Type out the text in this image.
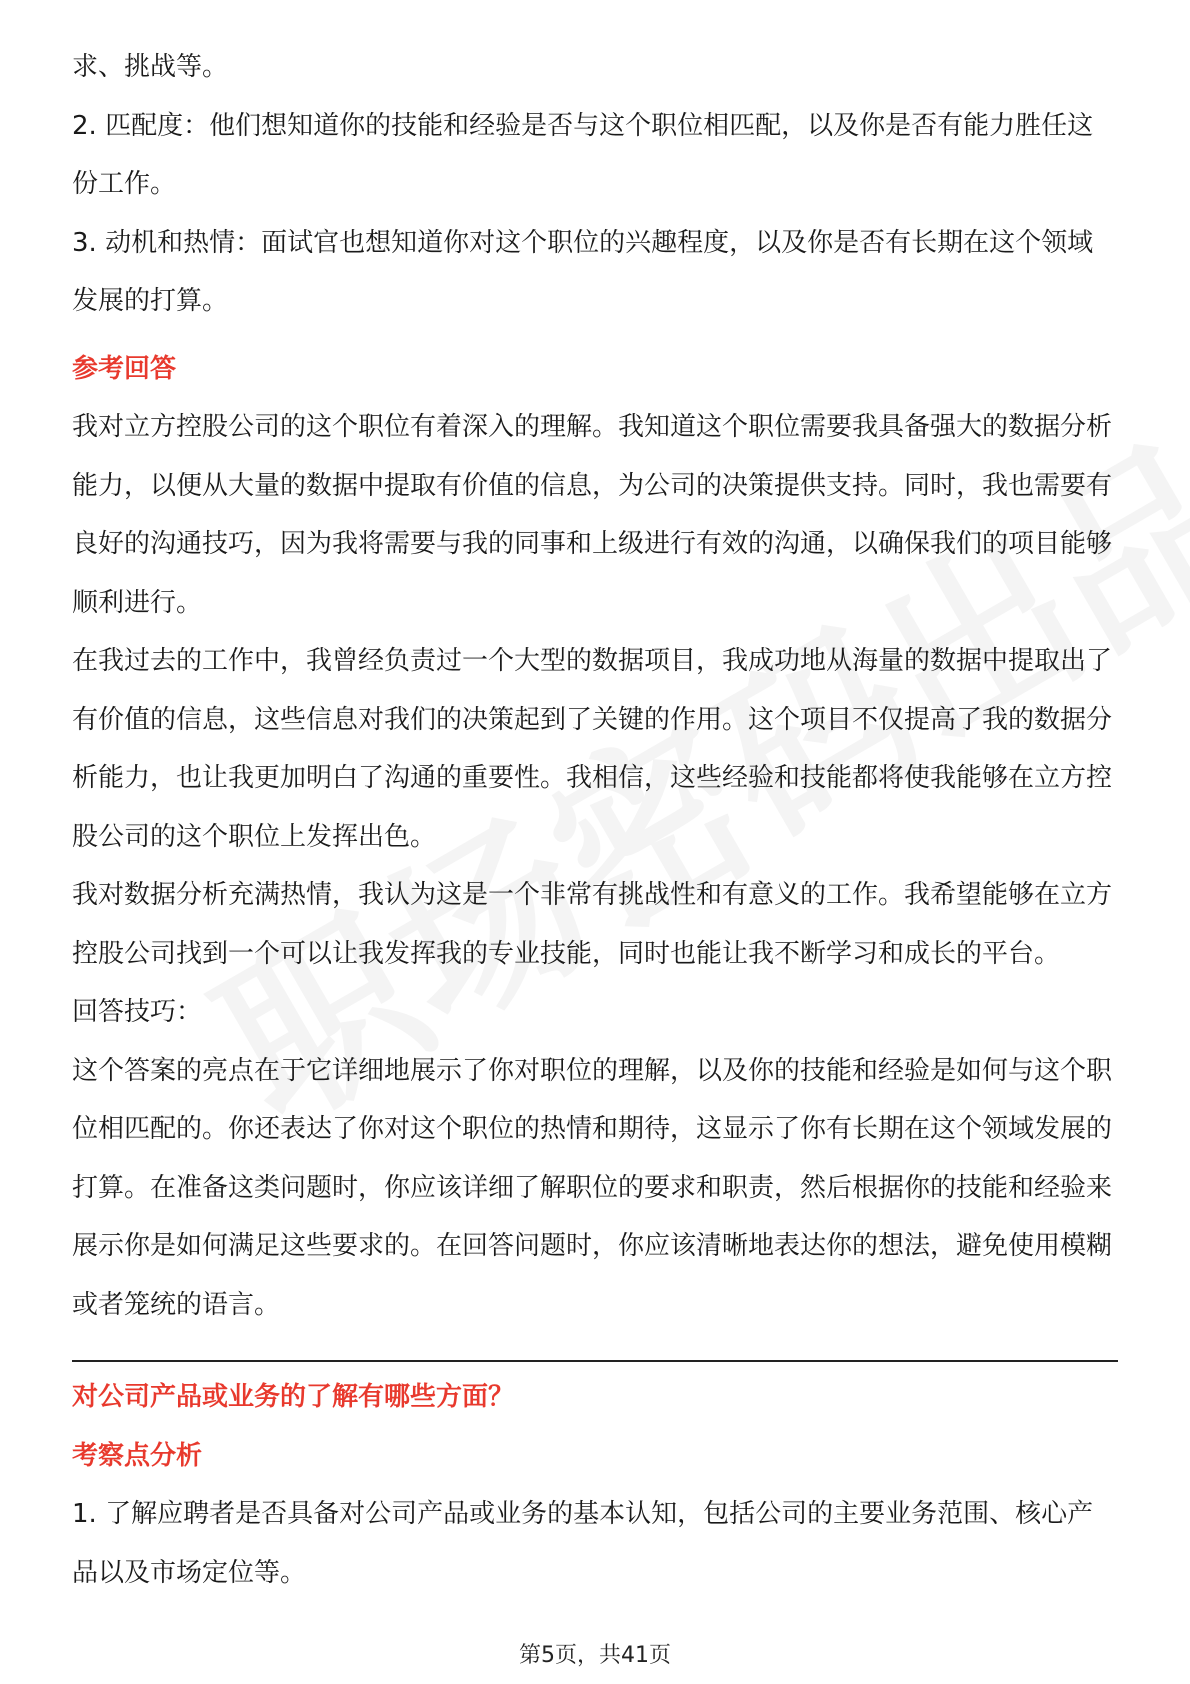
求、挑战等。

2. 匹配度：他们想知道你的技能和经验是否与这个职位相匹配，以及你是否有能力胜任这份工作。

3. 动机和热情：面试官也想知道你对这个职位的兴趣程度，以及你是否有长期在这个领域发展的打算。

参考回答

我对立方控股公司的这个职位有着深入的理解。我知道这个职位需要我具备强大的数据分析能力，以便从大量的数据中提取有价值的信息，为公司的决策提供支持。同时，我也需要有良好的沟通技巧，因为我将需要与我的同事和上级进行有效的沟通，以确保我们的项目能够顺利进行。

在我过去的工作中，我曾经负责过一个大型的数据项目，我成功地从海量的数据中提取出了有价值的信息，这些信息对我们的决策起到了关键的作用。这个项目不仅提高了我的数据分析能力，也让我更加明白了沟通的重要性。我相信，这些经验和技能都将使我能够在立方控股公司的这个职位上发挥出色。

我对数据分析充满热情，我认为这是一个非常有挑战性和有意义的工作。我希望能够在立方控股公司找到一个可以让我发挥我的专业技能，同时也能让我不断学习和成长的平台。

回答技巧：

这个答案的亮点在于它详细地展示了你对职位的理解，以及你的技能和经验是如何与这个职位相匹配的。你还表达了你对这个职位的热情和期待，这显示了你有长期在这个领域发展的打算。在准备这类问题时，你应该详细了解职位的要求和职责，然后根据你的技能和经验来展示你是如何满足这些要求的。在回答问题时，你应该清晰地表达你的想法，避免使用模糊或者笼统的语言。

对公司产品或业务的了解有哪些方面？
考察点分析

1. 了解应聘者是否具备对公司产品或业务的基本认知，包括公司的主要业务范围、核心产品以及市场定位等。

第5页，共41页
